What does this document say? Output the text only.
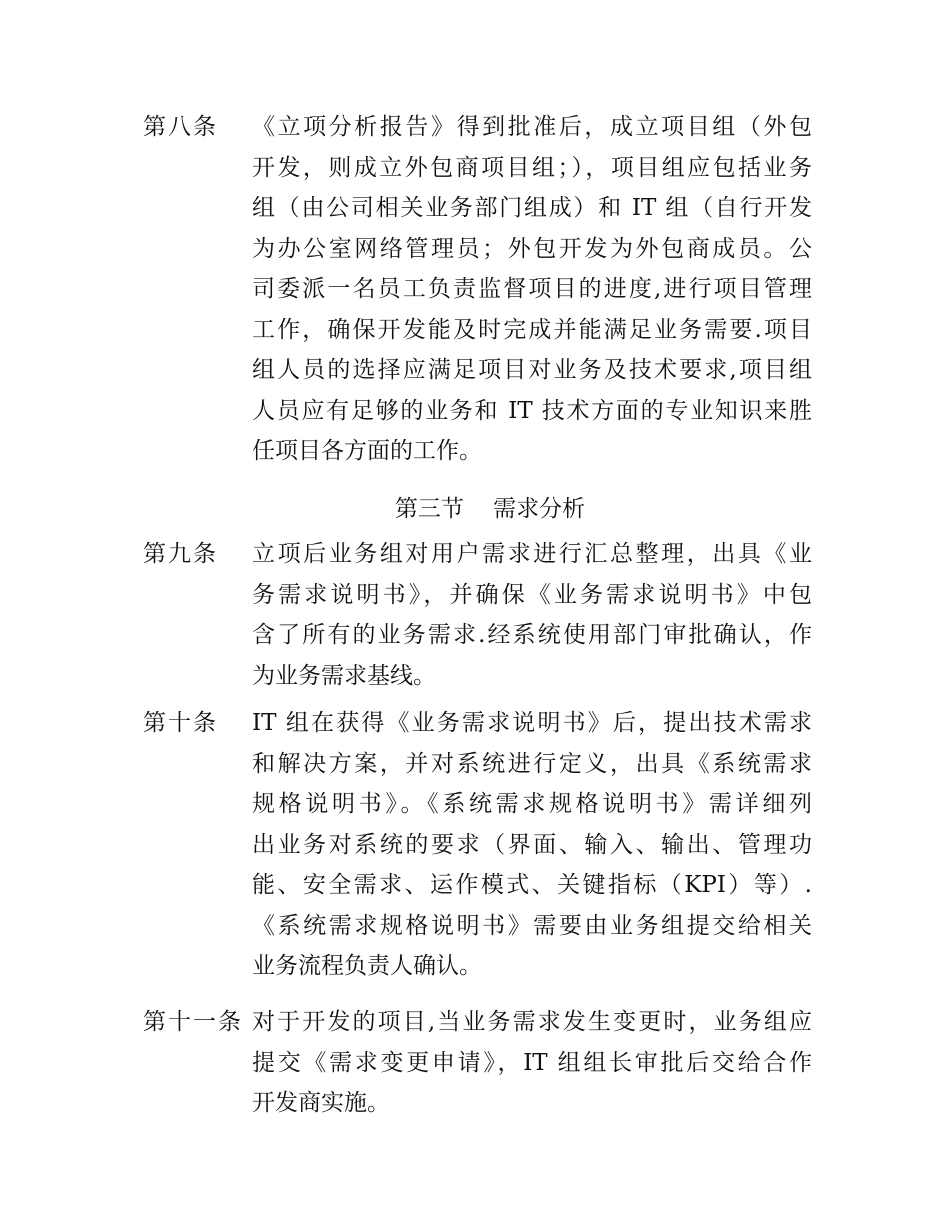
第八条	《立项分析报告》得到批准后，成立项目组（外包
开发，则成立外包商项目组；），项目组应包括业务
组（由公司相关业务部门组成）和 IT 组（自行开发
为办公室网络管理员；外包开发为外包商成员。公
司委派一名员工负责监督项目的进度,进行项目管理
工作，确保开发能及时完成并能满足业务需要.项目
组人员的选择应满足项目对业务及技术要求,项目组
人员应有足够的业务和 IT 技术方面的专业知识来胜
任项目各方面的工作。
第三节    需求分析
第九条	立项后业务组对用户需求进行汇总整理，出具《业
务需求说明书》，并确保《业务需求说明书》中包
含了所有的业务需求.经系统使用部门审批确认，作
为业务需求基线。
第十条	IT 组在获得《业务需求说明书》后，提出技术需求
和解决方案，并对系统进行定义，出具《系统需求
规格说明书》。《系统需求规格说明书》需详细列
出业务对系统的要求（界面、输入、输出、管理功
能、安全需求、运作模式、关键指标（KPI）等）.
《系统需求规格说明书》需要由业务组提交给相关
业务流程负责人确认。
第十一条 对于开发的项目,当业务需求发生变更时，业务组应
提交《需求变更申请》，IT 组组长审批后交给合作
开发商实施。
